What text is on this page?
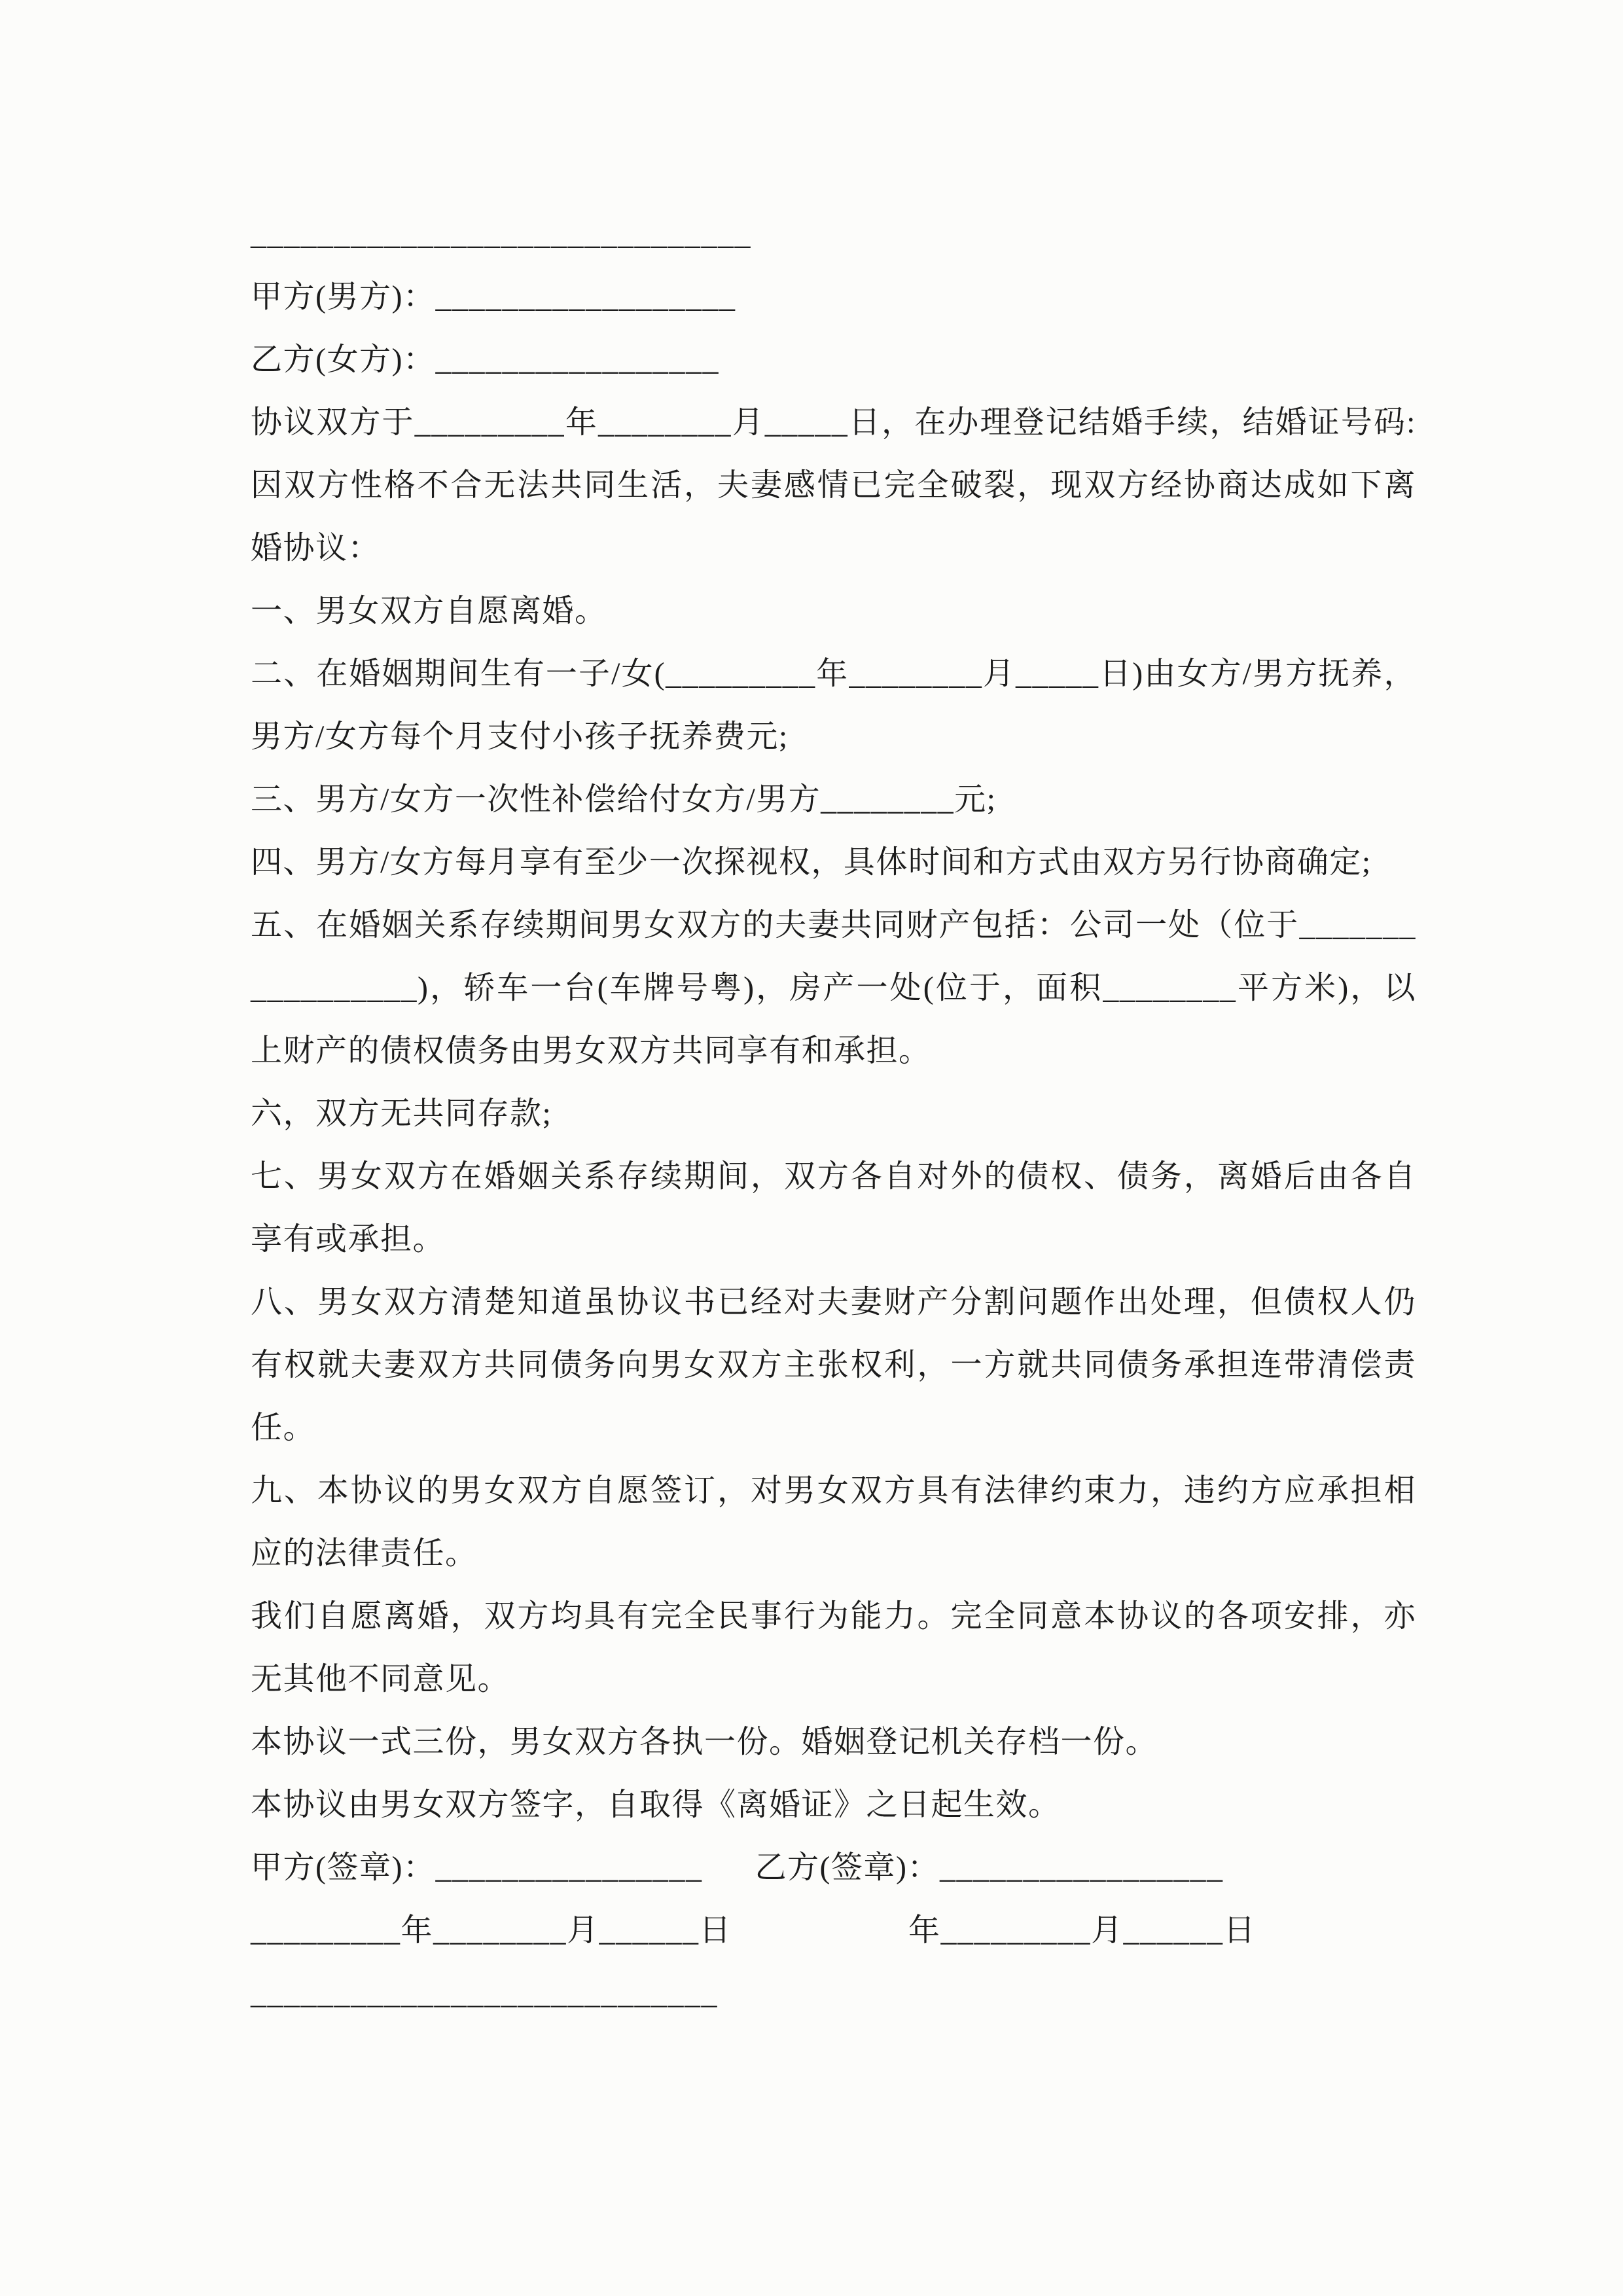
______________________________

甲方(男方)：__________________

乙方(女方)：_________________

协议双方于_________年________月_____日，在办理登记结婚手续，结婚证号码: 因双方性格不合无法共同生活，夫妻感情已完全破裂，现双方经协商达成如下离婚协议：

一、男女双方自愿离婚。

二、在婚姻期间生有一子/女(_________年________月_____日)由女方/男方抚养，男方/女方每个月支付小孩子抚养费元;

三、男方/女方一次性补偿给付女方/男方________元;

四、男方/女方每月享有至少一次探视权，具体时间和方式由双方另行协商确定;

五、在婚姻关系存续期间男女双方的夫妻共同财产包括：公司一处（位于_________________)，轿车一台(车牌号粤)，房产一处(位于，面积________平方米)，以上财产的债权债务由男女双方共同享有和承担。

六，双方无共同存款;

七、男女双方在婚姻关系存续期间，双方各自对外的债权、债务，离婚后由各自享有或承担。

八、男女双方清楚知道虽协议书已经对夫妻财产分割问题作出处理，但债权人仍有权就夫妻双方共同债务向男女双方主张权利，一方就共同债务承担连带清偿责任。

九、本协议的男女双方自愿签订，对男女双方具有法律约束力，违约方应承担相应的法律责任。

我们自愿离婚，双方均具有完全民事行为能力。完全同意本协议的各项安排，亦无其他不同意见。

本协议一式三份，男女双方各执一份。婚姻登记机关存档一份。

本协议由男女双方签字，自取得《离婚证》之日起生效。

甲方(签章)：________________ 乙方(签章)：_________________

_________年________月______日	年_________月______日

____________________________
